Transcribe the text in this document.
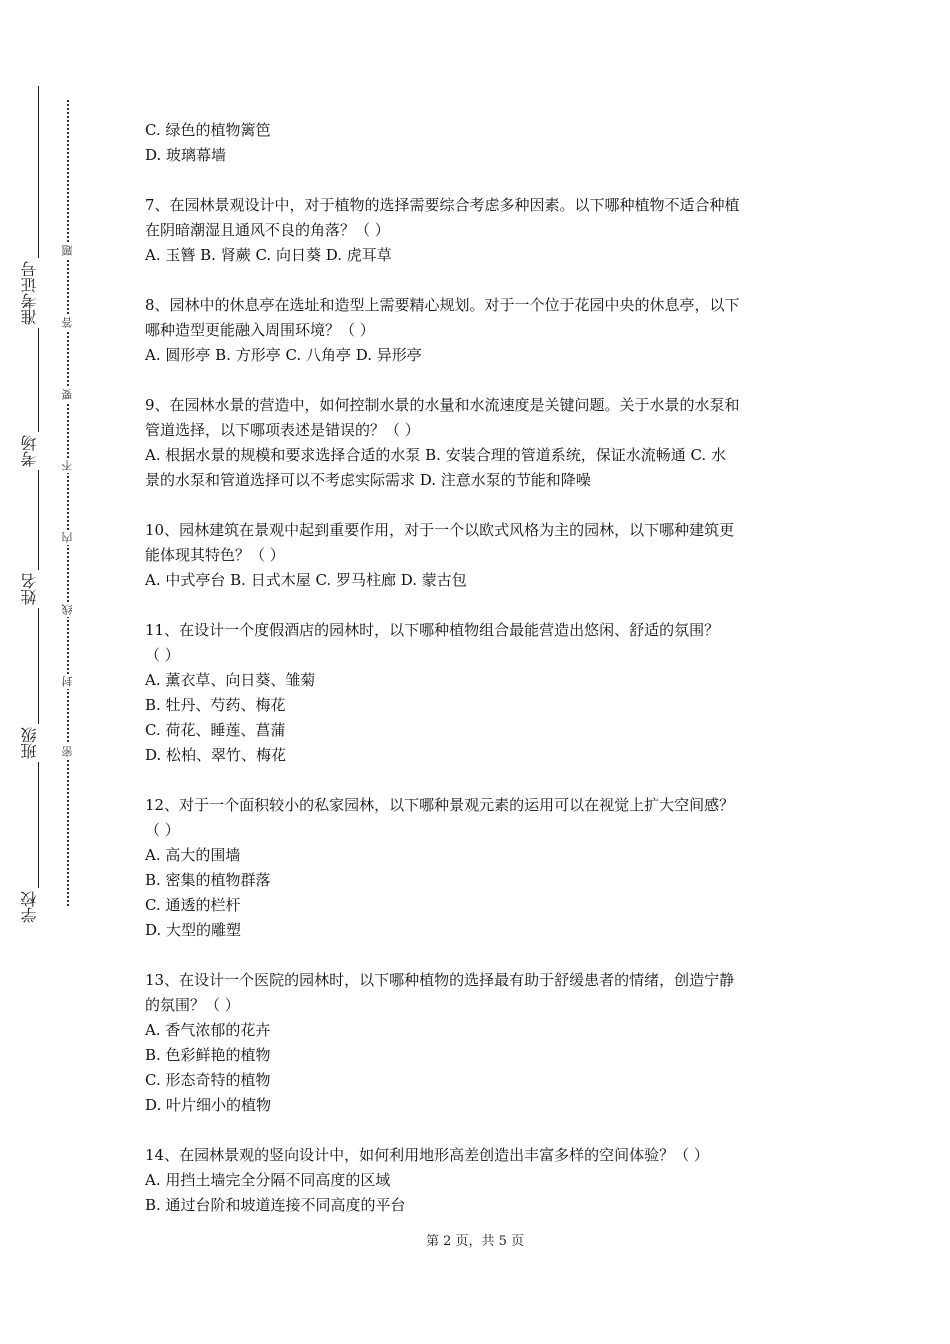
学校
班级
姓名
考场
准考证号
密
封
线
内
不
要
答
题

C. 绿色的植物篱笆

D. 玻璃幕墙

7、在园林景观设计中，对于植物的选择需要综合考虑多种因素。以下哪种植物不适合种植

在阴暗潮湿且通风不良的角落？（ ）

A. 玉簪 B. 肾蕨 C. 向日葵 D. 虎耳草

8、园林中的休息亭在选址和造型上需要精心规划。对于一个位于花园中央的休息亭，以下

哪种造型更能融入周围环境？（ ）

A. 圆形亭 B. 方形亭 C. 八角亭 D. 异形亭

9、在园林水景的营造中，如何控制水景的水量和水流速度是关键问题。关于水景的水泵和

管道选择，以下哪项表述是错误的？（ ）

A. 根据水景的规模和要求选择合适的水泵 B. 安装合理的管道系统，保证水流畅通 C. 水

景的水泵和管道选择可以不考虑实际需求 D. 注意水泵的节能和降噪

10、园林建筑在景观中起到重要作用，对于一个以欧式风格为主的园林，以下哪种建筑更

能体现其特色？（ ）

A. 中式亭台 B. 日式木屋 C. 罗马柱廊 D. 蒙古包

11、在设计一个度假酒店的园林时，以下哪种植物组合最能营造出悠闲、舒适的氛围？

（ ）

A. 薰衣草、向日葵、雏菊

B. 牡丹、芍药、梅花

C. 荷花、睡莲、菖蒲

D. 松柏、翠竹、梅花

12、对于一个面积较小的私家园林，以下哪种景观元素的运用可以在视觉上扩大空间感？

（ ）

A. 高大的围墙

B. 密集的植物群落

C. 通透的栏杆

D. 大型的雕塑

13、在设计一个医院的园林时，以下哪种植物的选择最有助于舒缓患者的情绪，创造宁静

的氛围？（ ）

A. 香气浓郁的花卉

B. 色彩鲜艳的植物

C. 形态奇特的植物

D. 叶片细小的植物

14、在园林景观的竖向设计中，如何利用地形高差创造出丰富多样的空间体验？（ ）

A. 用挡土墙完全分隔不同高度的区域

B. 通过台阶和坡道连接不同高度的平台

第 2 页，共 5 页
